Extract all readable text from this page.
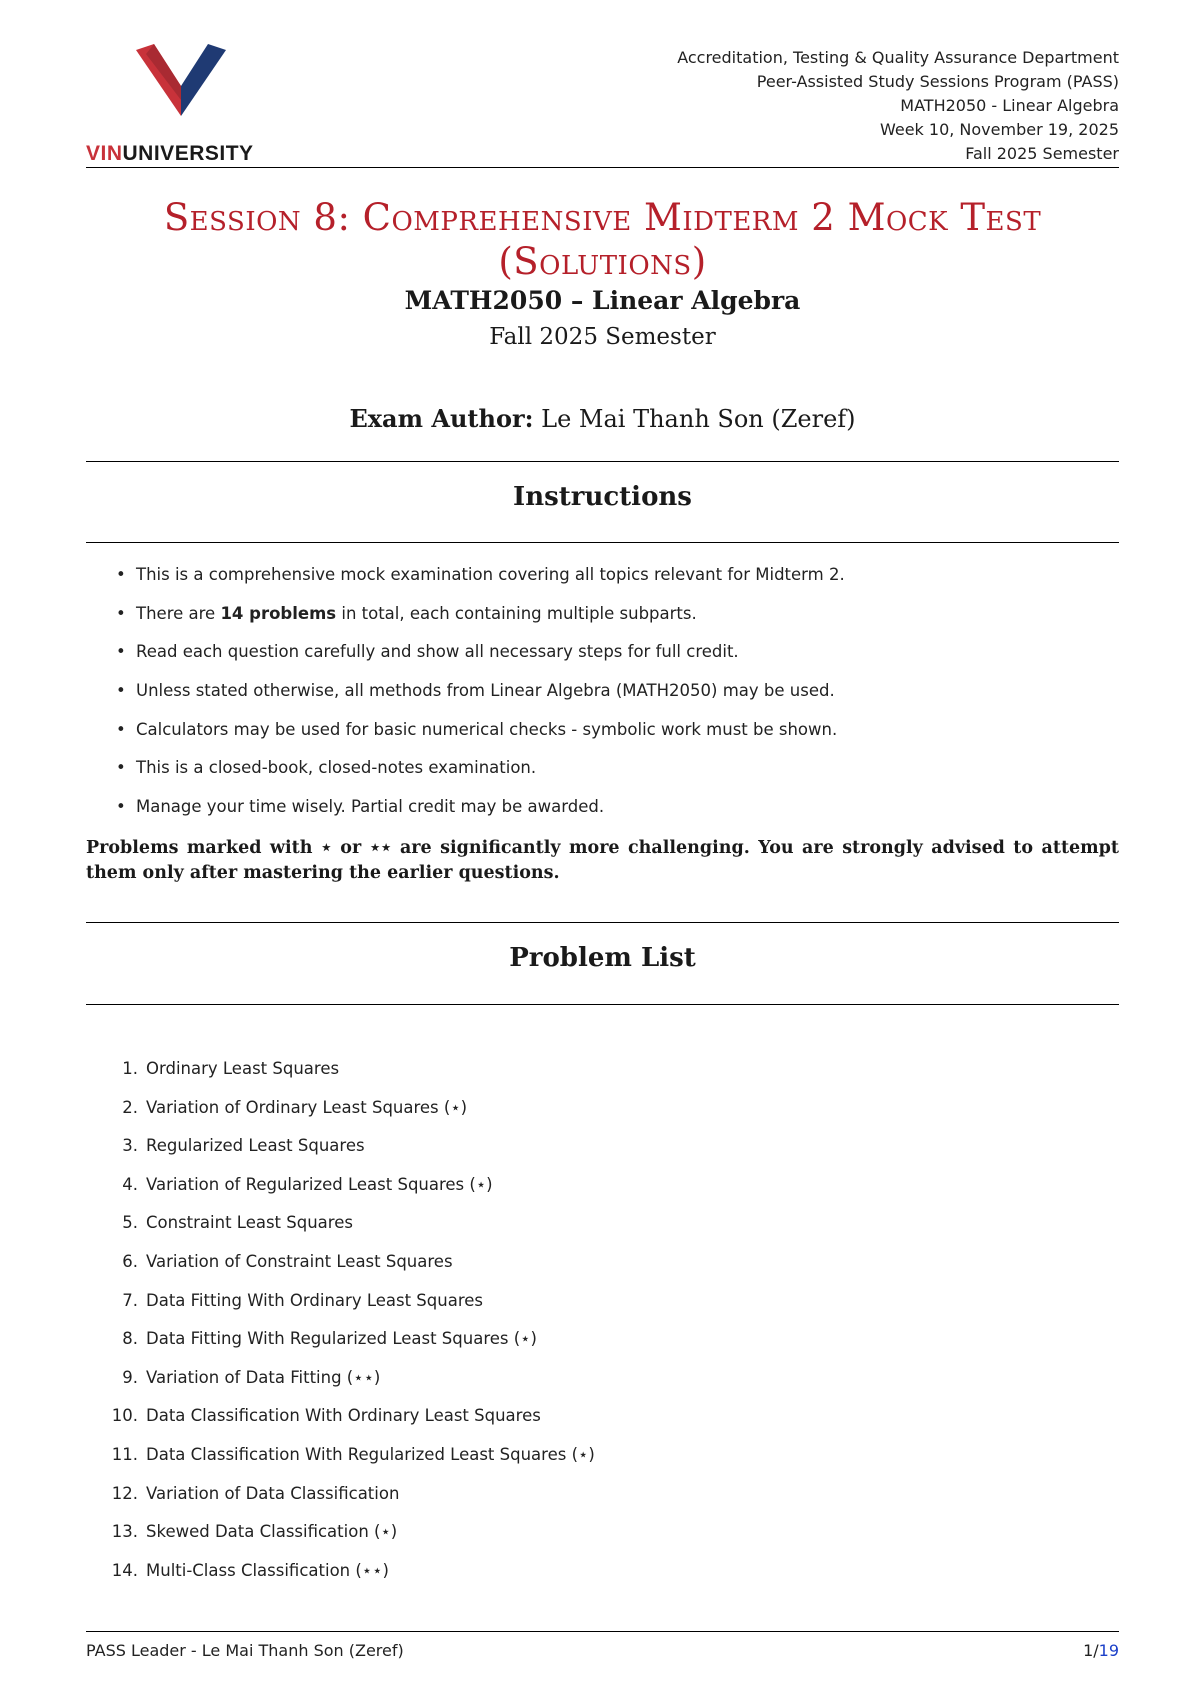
VINUNIVERSITY
Accreditation, Testing & Quality Assurance Department
Peer-Assisted Study Sessions Program (PASS)
MATH2050 - Linear Algebra
Week 10, November 19, 2025
Fall 2025 Semester
Session 8: Comprehensive Midterm 2 Mock Test
(Solutions)
MATH2050 – Linear Algebra
Fall 2025 Semester
Exam Author: Le Mai Thanh Son (Zeref)
Instructions
• This is a comprehensive mock examination covering all topics relevant for Midterm 2.
• There are 14 problems in total, each containing multiple subparts.
• Read each question carefully and show all necessary steps for full credit.
• Unless stated otherwise, all methods from Linear Algebra (MATH2050) may be used.
• Calculators may be used for basic numerical checks - symbolic work must be shown.
• This is a closed-book, closed-notes examination.
• Manage your time wisely. Partial credit may be awarded.
Problems marked with ⋆ or ⋆⋆ are significantly more challenging. You are strongly advised to attempt them only after mastering the earlier questions.
Problem List
1. Ordinary Least Squares
2. Variation of Ordinary Least Squares (⋆)
3. Regularized Least Squares
4. Variation of Regularized Least Squares (⋆)
5. Constraint Least Squares
6. Variation of Constraint Least Squares
7. Data Fitting With Ordinary Least Squares
8. Data Fitting With Regularized Least Squares (⋆)
9. Variation of Data Fitting (⋆⋆)
10. Data Classification With Ordinary Least Squares
11. Data Classification With Regularized Least Squares (⋆)
12. Variation of Data Classification
13. Skewed Data Classification (⋆)
14. Multi-Class Classification (⋆⋆)
PASS Leader - Le Mai Thanh Son (Zeref)	1/19
